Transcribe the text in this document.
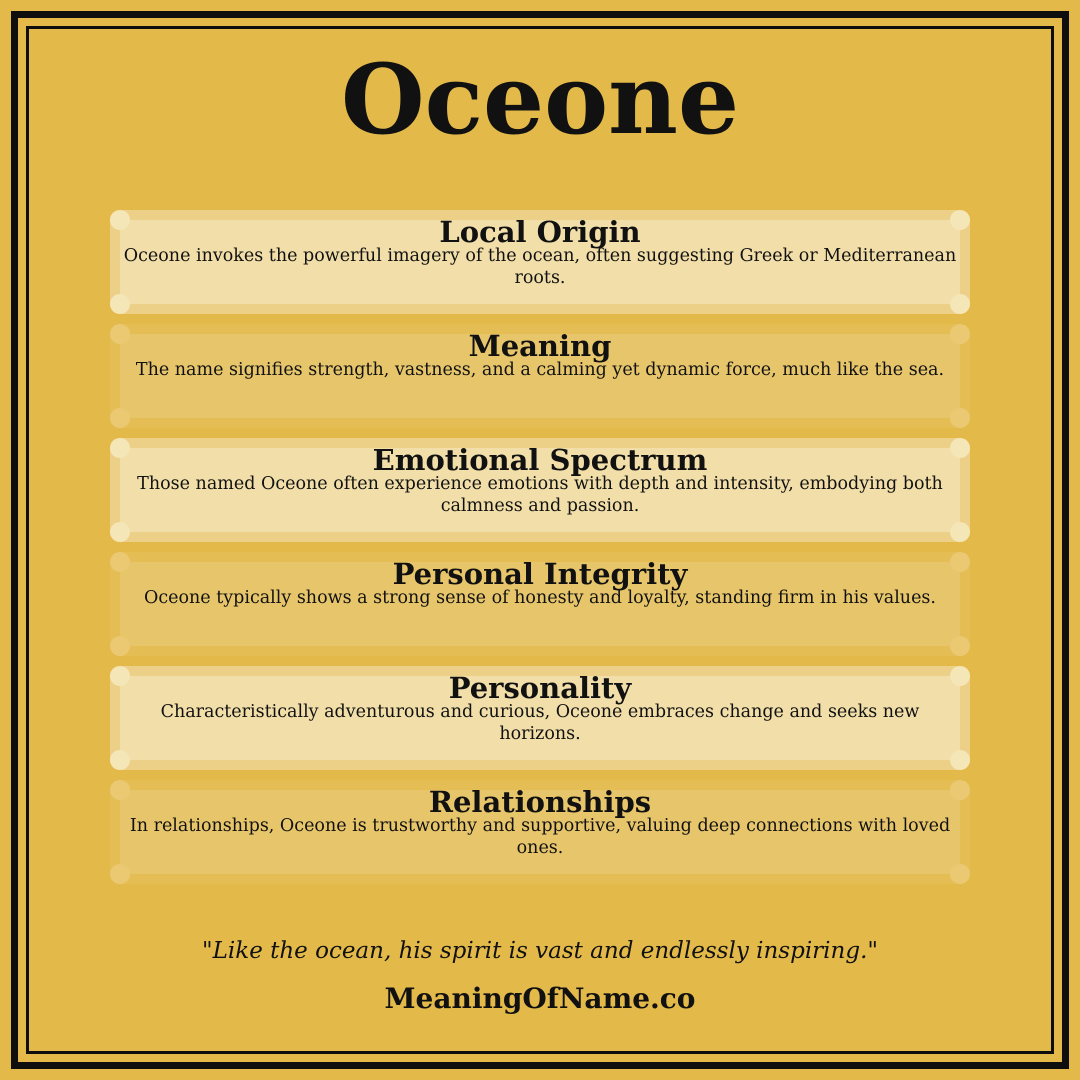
Oceone
Local Origin
Oceone invokes the powerful imagery of the ocean, often suggesting Greek or Mediterranean roots.
Meaning
The name signifies strength, vastness, and a calming yet dynamic force, much like the sea.
Emotional Spectrum
Those named Oceone often experience emotions with depth and intensity, embodying both calmness and passion.
Personal Integrity
Oceone typically shows a strong sense of honesty and loyalty, standing firm in his values.
Personality
Characteristically adventurous and curious, Oceone embraces change and seeks new horizons.
Relationships
In relationships, Oceone is trustworthy and supportive, valuing deep connections with loved ones.
"Like the ocean, his spirit is vast and endlessly inspiring."
MeaningOfName.co
